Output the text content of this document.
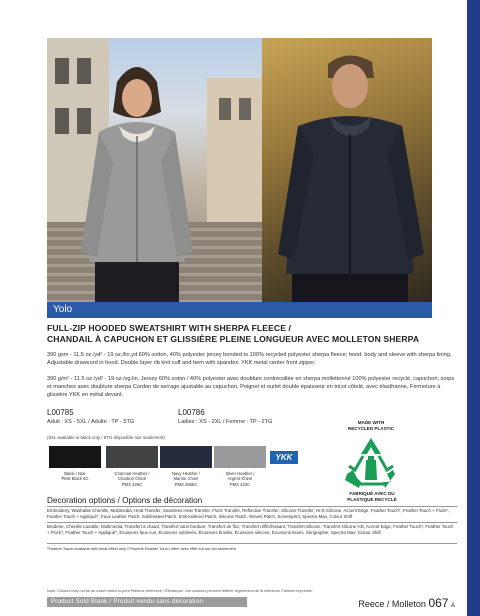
Yolo
FULL-ZIP HOODED SWEATSHIRT WITH SHERPA FLEECE /
CHANDAIL À CAPUCHON ET GLISSIÈRE PLEINE LONGUEUR AVEC MOLLETON SHERPA
390 gsm - 11.5 oz./yd² - 19 oz./lin.yd 60% cotton, 40% polyester jersey bonded to 100% recycled polyester sherpa fleece; hood, body and sleeve with sherpa lining, Adjustable drawcord in hood. Double layer rib knit cuff and hem with spandex. YKK metal center front zipper.
390 g/m² - 11.5 oz./yd² - 19 oz./vg.lin. Jersey 60% coton / 40% polyester avec doublure contrecollée en sherpa mollettonné 100% polyester recyclé, capuchon, corps et manches avec doublure sherpa Cordon de serrage ajustable au capuchon. Poignet et ourlet double épaisseur en tricot côtelé, avec élasthanne, Fermeture à glissière YKK en métal devant.
L00785
Adult : XS - 5XL / Adulte : TP - 5TG
L00786
Ladies : XS - 2XL / Femme : TP - 2TG
(5XL available in black only / 5TG disponible noir seulement)
Black / Noir
PMS Black 6C
Charcoal Heather /
Charbon Chiné
PMS 426C
Navy Heather /
Marine Chiné
PMS 2965C
Silver Heather /
Argent Chiné
PMS 423C
YKK
MADE WITH
RECYCLED PLASTIC
FABRIQUÉ AVEC DU
PLASTIQUE RECYCLÉ
Decoration options / Options de décoration
Embroidery, Washable Chenille, Multimedia, Heat Transfer, Seamless Heat Transfer, Flock Transfer, Reflective Transfer, Silicone Transfer, Hi-D Silicone, Accent Edge, Feather Touch*, Feather Touch + Flock*, Feather Touch + Appliqué*, Faux Leather Patch, Sublimated Patch, Embroidered Patch, Silicone Patch, Woven Patch, Screenprint, Spectra Max, Colour Shift
Broderie, Chenille Lavable, Multimedia, Transfert à chaud, Transfert sans bordure, Transfert de floc, Transfert réfléchissant, Transfert silicone, Transfert silicone HD, Accent Edge, Feather Touch*, Feather Touch + Flock*, Feather Touch + Appliqué*, Écussons faux cuir, Écussons sublimés, Écussons brodés, Écussons silicone, Écussons tissés, Sérigraphie, Spectra Max, Colour Shift
*Feather Touch available with tonal effect only / Procédé Feather Touch offert avec effet ton sur ton seulement
Note: Colours may not be an exact match to print Pantone reference / Remarque: Les couleurs peuvent différer légèrement de la référence Pantone imprimée.
Product Sold Blank / Produit vendu sans décoration	Reece / Molleton 067 A
